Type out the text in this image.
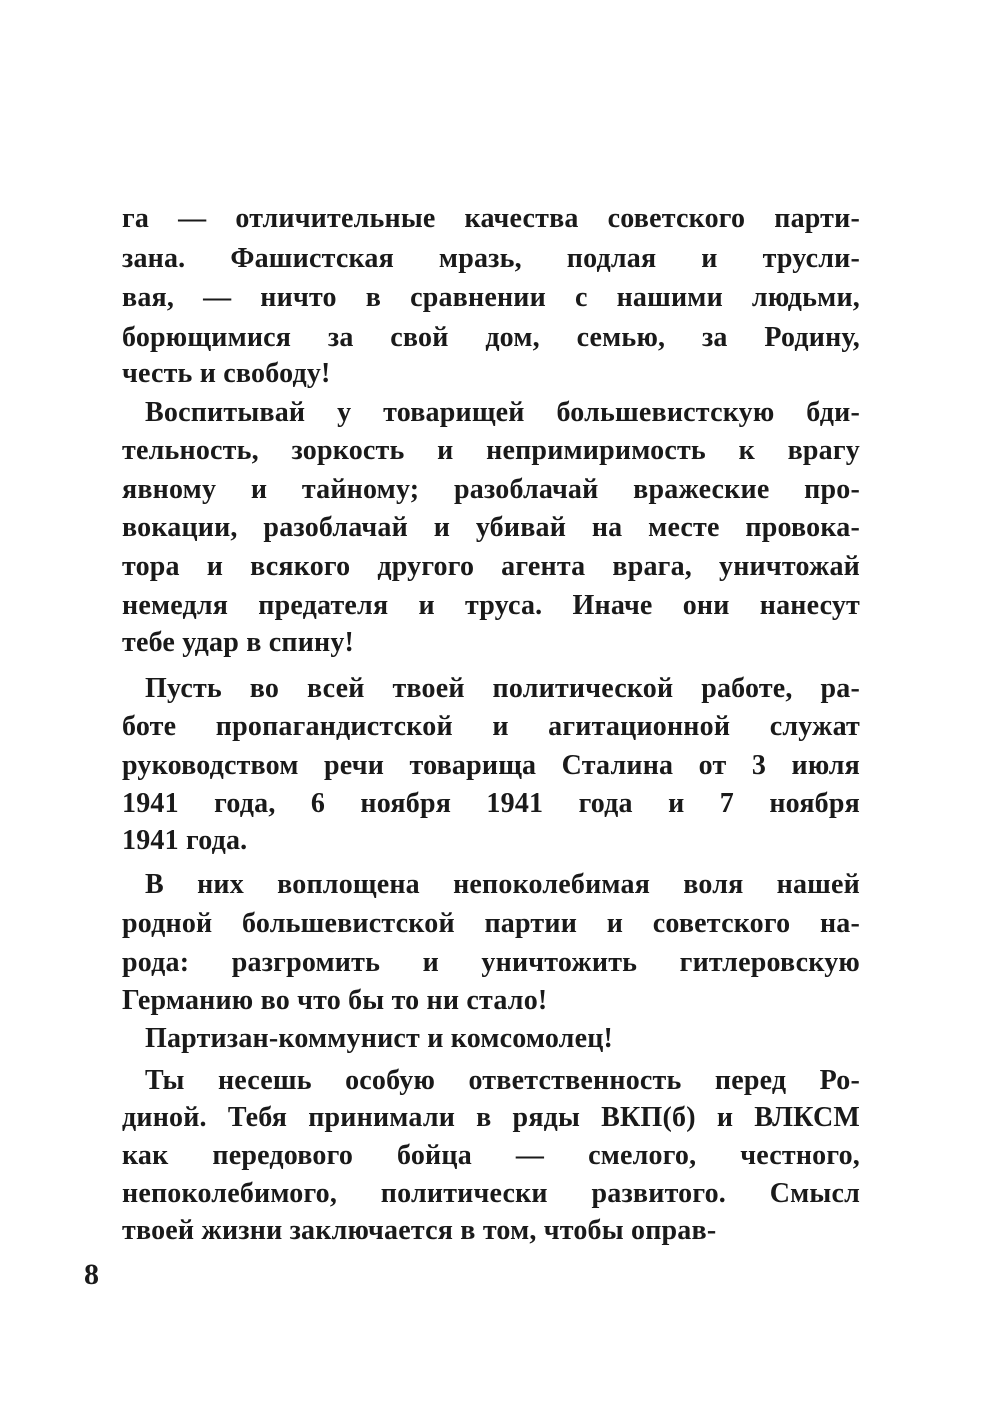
га — отличительные качества советского парти-
зана. Фашистская мразь, подлая и трусли-
вая, — ничто в сравнении с нашими людьми,
борющимися за свой дом, семью, за Родину,
честь и свободу!
Воспитывай у товарищей большевистскую бди-
тельность, зоркость и непримиримость к врагу
явному и тайному; разоблачай вражеские про-
вокации, разоблачай и убивай на месте провока-
тора и всякого другого агента врага, уничтожай
немедля предателя и труса. Иначе они нанесут
тебе удар в спину!
Пусть во всей твоей политической работе, ра-
боте пропагандистской и агитационной служат
руководством речи товарища Сталина от 3 июля
1941 года, 6 ноября 1941 года и 7 ноября
1941 года.
В них воплощена непоколебимая воля нашей
родной большевистской партии и советского на-
рода: разгромить и уничтожить гитлеровскую
Германию во что бы то ни стало!
Партизан-коммунист и комсомолец!
Ты несешь особую ответственность перед Ро-
диной. Тебя принимали в ряды ВКП(б) и ВЛКСМ
как передового бойца — смелого, честного,
непоколебимого, политически развитого. Смысл
твоей жизни заключается в том, чтобы оправ-
8
